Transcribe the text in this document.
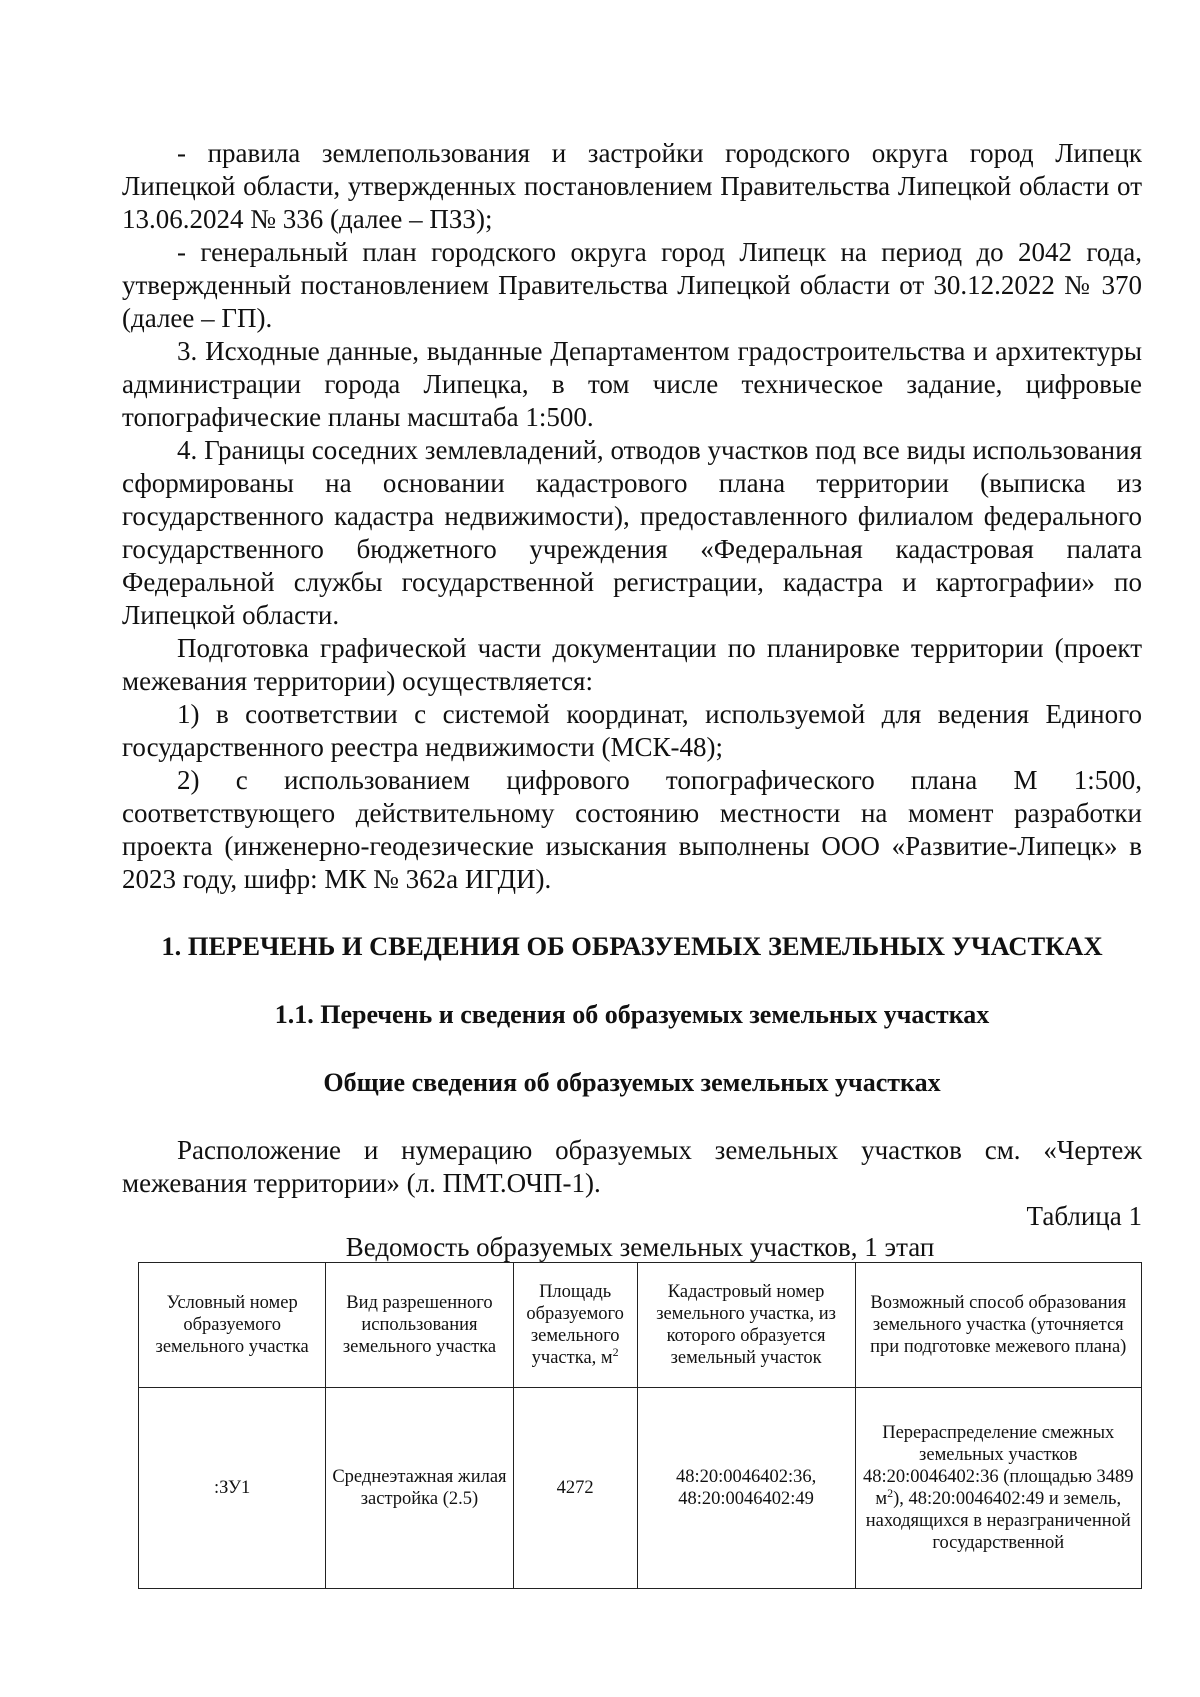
- правила землепользования и застройки городского округа город Липецк Липецкой области, утвержденных постановлением Правительства Липецкой области от 13.06.2024 № 336 (далее – ПЗЗ);

- генеральный план городского округа город Липецк на период до 2042 года, утвержденный постановлением Правительства Липецкой области от 30.12.2022 № 370 (далее – ГП).

3. Исходные данные, выданные Департаментом градостроительства и архитектуры администрации города Липецка, в том числе техническое задание, цифровые топографические планы масштаба 1:500.

4. Границы соседних землевладений, отводов участков под все виды использования сформированы на основании кадастрового плана территории (выписка из государственного кадастра недвижимости), предоставленного филиалом федерального государственного бюджетного учреждения «Федеральная кадастровая палата Федеральной службы государственной регистрации, кадастра и картографии» по Липецкой области.

Подготовка графической части документации по планировке территории (проект межевания территории) осуществляется:

1) в соответствии с системой координат, используемой для ведения Единого государственного реестра недвижимости (МСК-48);

2) с использованием цифрового топографического плана М 1:500, соответствующего действительному состоянию местности на момент разработки проекта (инженерно-геодезические изыскания выполнены ООО «Развитие-Липецк» в 2023 году, шифр: МК № 362а ИГДИ).

1. ПЕРЕЧЕНЬ И СВЕДЕНИЯ ОБ ОБРАЗУЕМЫХ ЗЕМЕЛЬНЫХ УЧАСТКАХ
1.1. Перечень и сведения об образуемых земельных участках
Общие сведения об образуемых земельных участках

Расположение и нумерацию образуемых земельных участков см. «Чертеж межевания территории» (л. ПМТ.ОЧП-1).

Таблица 1

Ведомость образуемых земельных участков, 1 этап

Условный номер образуемого земельного участка	Вид разрешенного использования земельного участка	Площадь образуемого земельного участка, $м^2$	Кадастровый номер земельного участка, из которого образуется земельный участок	Возможный способ образования земельного участка (уточняется при подготовке межевого плана)
:ЗУ1	Среднеэтажная жилая застройка (2.5)	4272	48:20:0046402:36, 48:20:0046402:49	Перераспределение смежных земельных участков 48:20:0046402:36 (площадью 3489 $м^2$), 48:20:0046402:49 и земель, находящихся в неразграниченной государственной
